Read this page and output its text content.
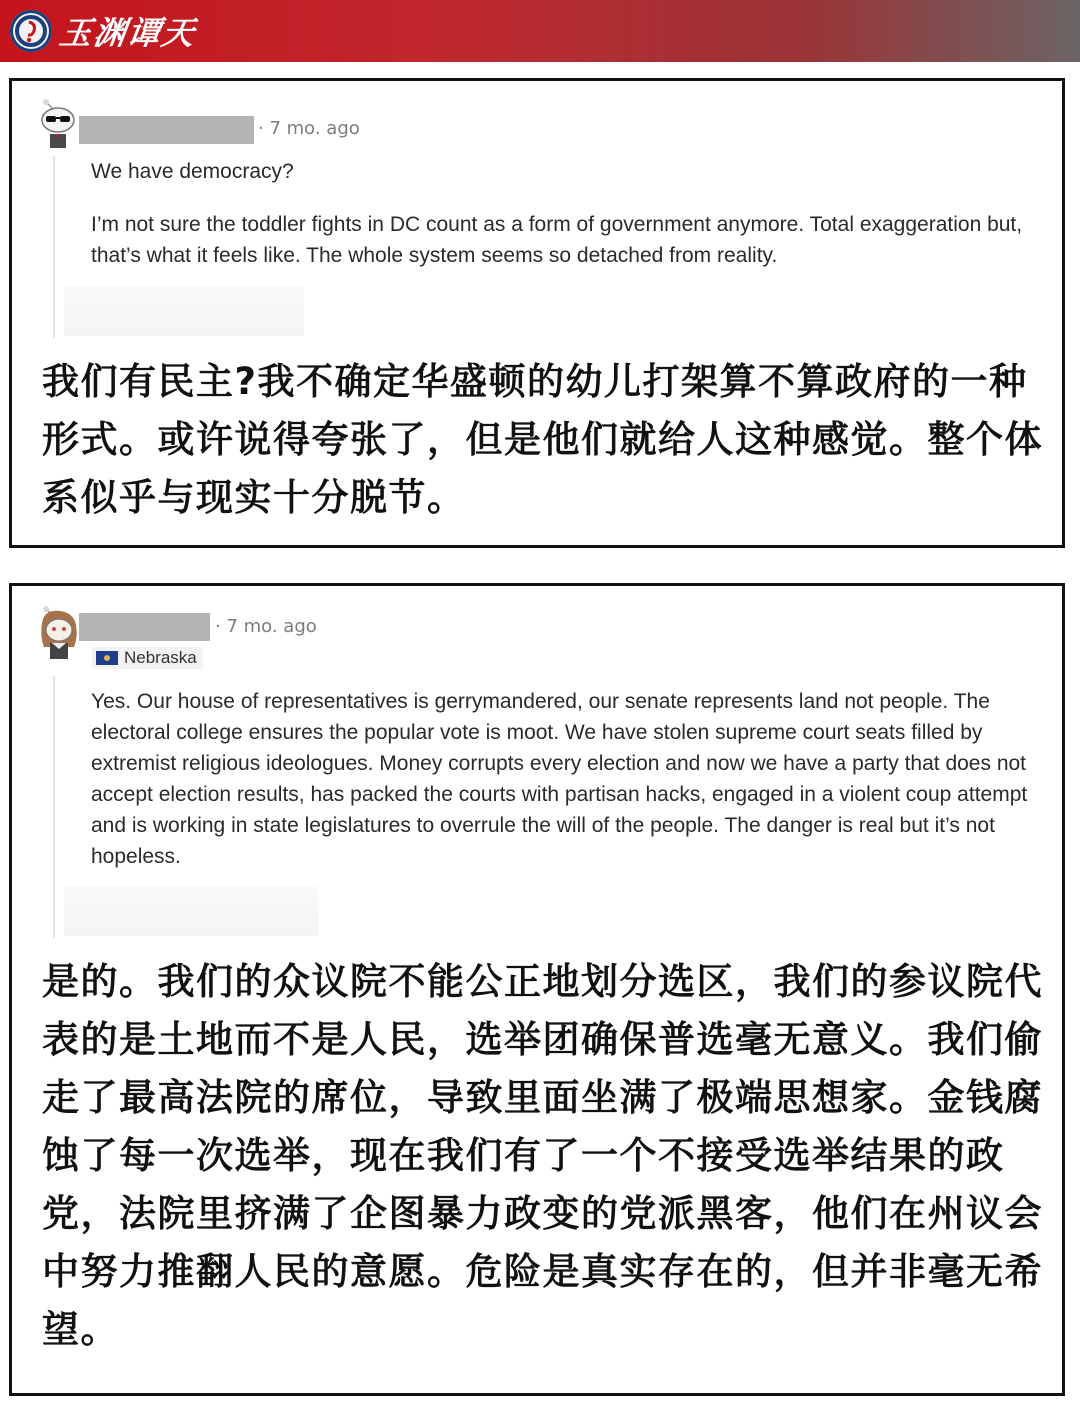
玉渊谭天
· 7 mo. ago

We have democracy?

I’m not sure the toddler fights in DC count as a form of government anymore. Total exaggeration but, that’s what it feels like. The whole system seems so detached from reality.

我们有民主?我不确定华盛顿的幼儿打架算不算政府的一种形式。或许说得夸张了，但是他们就给人这种感觉。整个体系似乎与现实十分脱节。
· 7 mo. ago
Nebraska

Yes. Our house of representatives is gerrymandered, our senate represents land not people. The electoral college ensures the popular vote is moot. We have stolen supreme court seats filled by extremist religious ideologues. Money corrupts every election and now we have a party that does not accept election results, has packed the courts with partisan hacks, engaged in a violent coup attempt and is working in state legislatures to overrule the will of the people. The danger is real but it’s not hopeless.

是的。我们的众议院不能公正地划分选区，我们的参议院代表的是土地而不是人民，选举团确保普选毫无意义。我们偷走了最高法院的席位，导致里面坐满了极端思想家。金钱腐蚀了每一次选举，现在我们有了一个不接受选举结果的政党，法院里挤满了企图暴力政变的党派黑客，他们在州议会中努力推翻人民的意愿。危险是真实存在的，但并非毫无希望。
